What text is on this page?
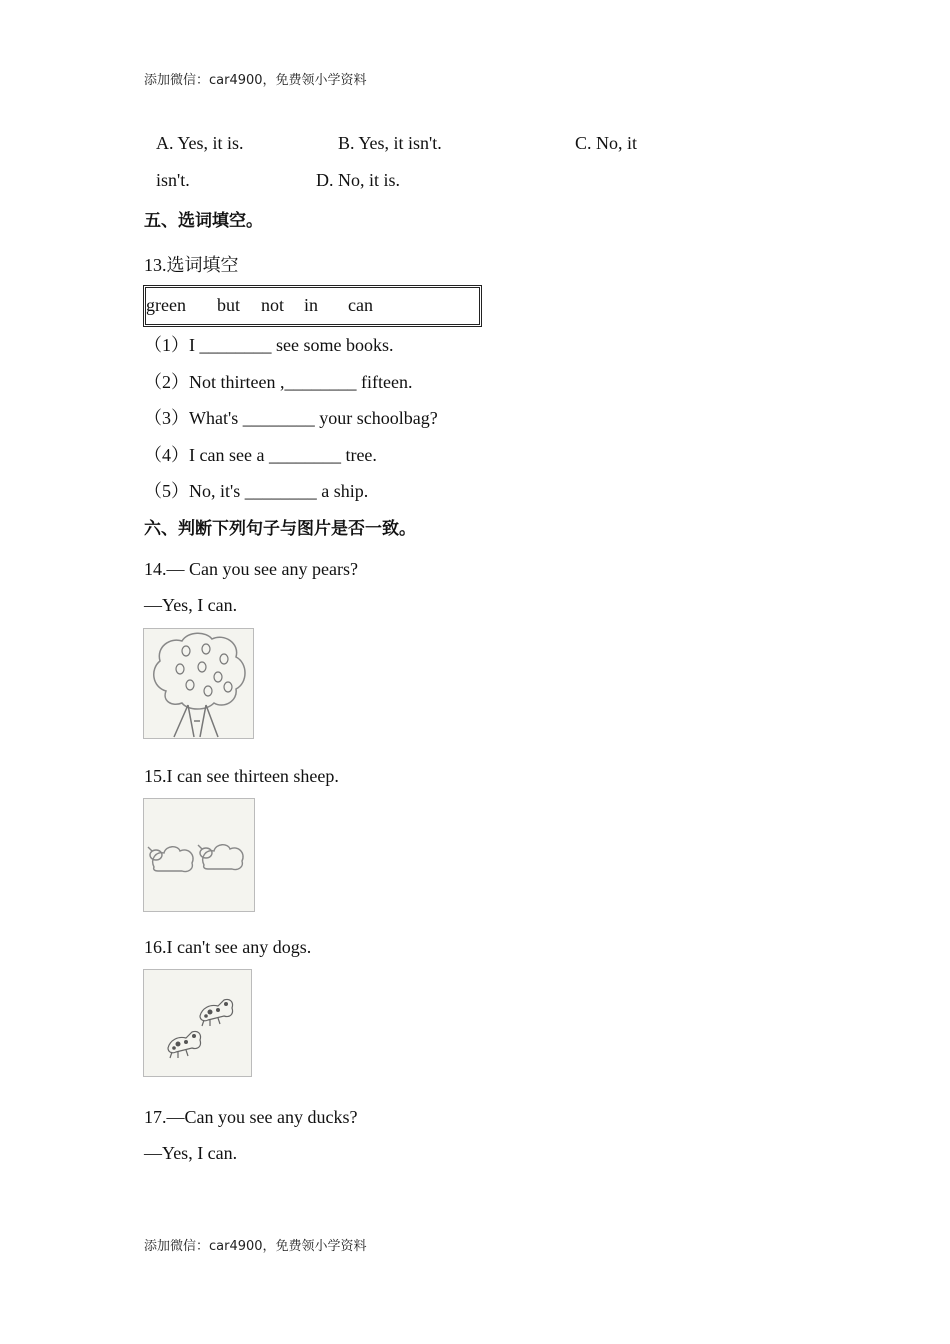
添加微信：car4900，免费领小学资料
A. Yes, it is.	B. Yes, it isn't.	C. No, it
isn't.	D. No, it is.
五、选词填空。
13.选词填空
green but not in can
（1）I ________ see some books.
（2）Not thirteen ,________ fifteen.
（3）What's ________ your schoolbag?
（4）I can see a ________ tree.
（5）No, it's ________ a ship.
六、判断下列句子与图片是否一致。
14.— Can you see any pears?
—Yes, I can.
15.I can see thirteen sheep.
16.I can't see any dogs.
17.—Can you see any ducks?
—Yes, I can.
添加微信：car4900，免费领小学资料
